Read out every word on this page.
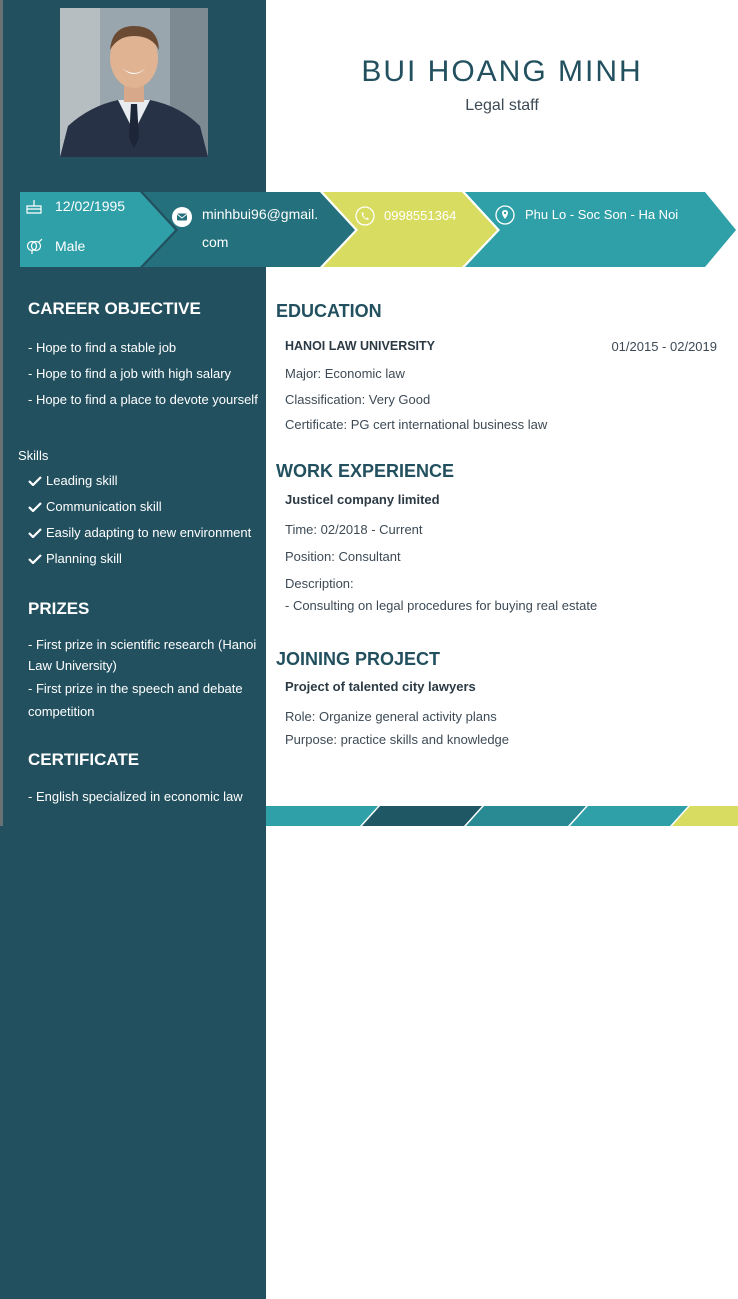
BUI HOANG MINH
Legal staff
12/02/1995
Male
minhbui96@gmail.
com
0998551364	Phu Lo - Soc Son - Ha Noi
CAREER OBJECTIVE
- Hope to find a stable job
- Hope to find a job with high salary
- Hope to find a place to devote yourself
Skills
Leading skill
Communication skill
Easily adapting to new environment
Planning skill
PRIZES
- First prize in scientific research (Hanoi
Law University)
- First prize in the speech and debate
competition
CERTIFICATE
- English specialized in economic law
EDUCATION
HANOI LAW UNIVERSITY	01/2015 - 02/2019
Major: Economic law
Classification: Very Good
Certificate: PG cert international business law
WORK EXPERIENCE
Justicel company limited
Time: 02/2018 - Current
Position: Consultant
Description:
- Consulting on legal procedures for buying real estate
JOINING PROJECT
Project of talented city lawyers
Role: Organize general activity plans
Purpose: practice skills and knowledge
